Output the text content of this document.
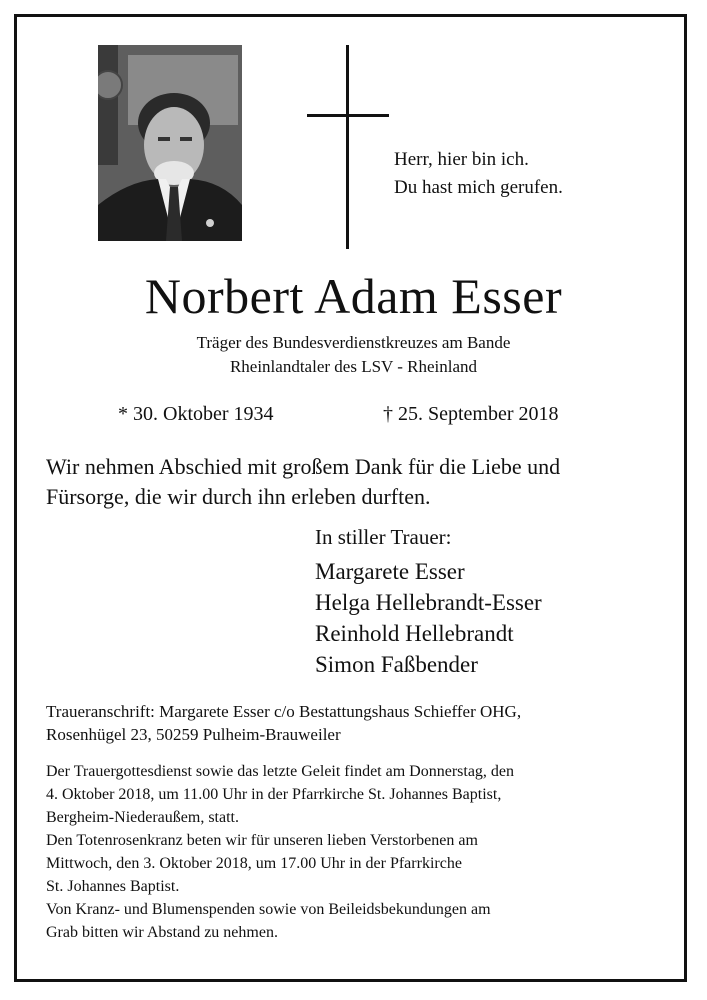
Herr, hier bin ich.
Du hast mich gerufen.
Norbert Adam Esser
Träger des Bundesverdienstkreuzes am Bande
Rheinlandtaler des LSV - Rheinland
* 30. Oktober 1934	† 25. September 2018
Wir nehmen Abschied mit großem Dank für die Liebe und
Fürsorge, die wir durch ihn erleben durften.
In stiller Trauer:
Margarete Esser
Helga Hellebrandt-Esser
Reinhold Hellebrandt
Simon Faßbender
Traueranschrift: Margarete Esser c/o Bestattungshaus Schieffer OHG,
Rosenhügel 23, 50259 Pulheim-Brauweiler
Der Trauergottesdienst sowie das letzte Geleit findet am Donnerstag, den
4. Oktober 2018, um 11.00 Uhr in der Pfarrkirche St. Johannes Baptist,
Bergheim-Niederaußem, statt.
Den Totenrosenkranz beten wir für unseren lieben Verstorbenen am
Mittwoch, den 3. Oktober 2018, um 17.00 Uhr in der Pfarrkirche
St. Johannes Baptist.
Von Kranz- und Blumenspenden sowie von Beileidsbekundungen am
Grab bitten wir Abstand zu nehmen.
